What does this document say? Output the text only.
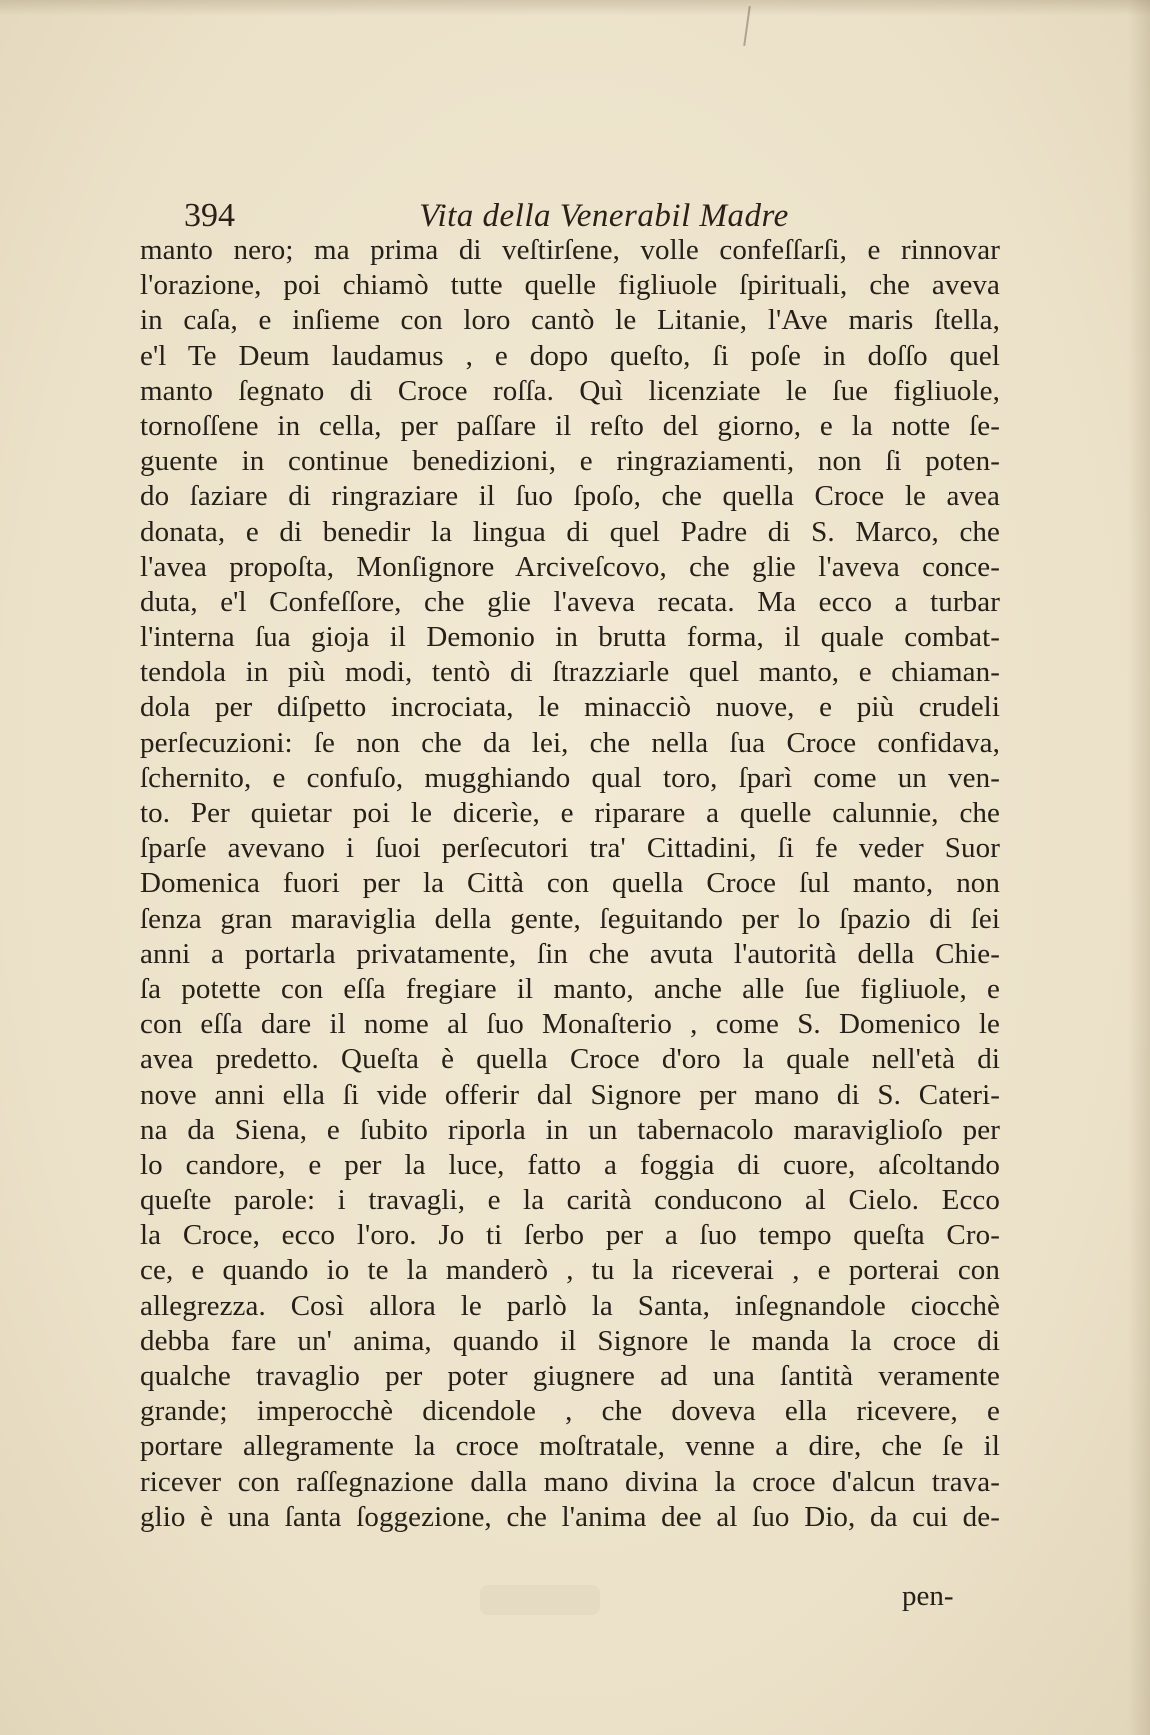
394	Vita della Venerabil Madre
manto nero; ma prima di veſtirſene, volle confeſſarſi, e rinnovar
l'orazione, poi chiamò tutte quelle figliuole ſpirituali, che aveva
in caſa, e inſieme con loro cantò le Litanie, l'Ave maris ſtella,
e'l Te Deum laudamus , e dopo queſto, ſi poſe in doſſo quel
manto ſegnato di Croce roſſa. Quì licenziate le ſue figliuole,
tornoſſene in cella, per paſſare il reſto del giorno, e la notte ſe-
guente in continue benedizioni, e ringraziamenti, non ſi poten-
do ſaziare di ringraziare il ſuo ſpoſo, che quella Croce le avea
donata, e di benedir la lingua di quel Padre di S. Marco, che
l'avea propoſta, Monſignore Arciveſcovo, che glie l'aveva conce-
duta, e'l Confeſſore, che glie l'aveva recata. Ma ecco a turbar
l'interna ſua gioja il Demonio in brutta forma, il quale combat-
tendola in più modi, tentò di ſtrazziarle quel manto, e chiaman-
dola per diſpetto incrociata, le minacciò nuove, e più crudeli
perſecuzioni: ſe non che da lei, che nella ſua Croce confidava,
ſchernito, e confuſo, mugghiando qual toro, ſparì come un ven-
to. Per quietar poi le dicerìe, e riparare a quelle calunnie, che
ſparſe avevano i ſuoi perſecutori tra' Cittadini, ſi fe veder Suor
Domenica fuori per la Città con quella Croce ſul manto, non
ſenza gran maraviglia della gente, ſeguitando per lo ſpazio di ſei
anni a portarla privatamente, ſin che avuta l'autorità della Chie-
ſa potette con eſſa fregiare il manto, anche alle ſue figliuole, e
con eſſa dare il nome al ſuo Monaſterio , come S. Domenico le
avea predetto. Queſta è quella Croce d'oro la quale nell'età di
nove anni ella ſi vide offerir dal Signore per mano di S. Cateri-
na da Siena, e ſubito riporla in un tabernacolo maraviglioſo per
lo candore, e per la luce, fatto a foggia di cuore, aſcoltando
queſte parole: i travagli, e la carità conducono al Cielo. Ecco
la Croce, ecco l'oro. Jo ti ſerbo per a ſuo tempo queſta Cro-
ce, e quando io te la manderò , tu la riceverai , e porterai con
allegrezza. Così allora le parlò la Santa, inſegnandole ciocchè
debba fare un' anima, quando il Signore le manda la croce di
qualche travaglio per poter giugnere ad una ſantità veramente
grande; imperocchè dicendole , che doveva ella ricevere, e
portare allegramente la croce moſtratale, venne a dire, che ſe il
ricever con raſſegnazione dalla mano divina la croce d'alcun trava-
glio è una ſanta ſoggezione, che l'anima dee al ſuo Dio, da cui de-
pen-
